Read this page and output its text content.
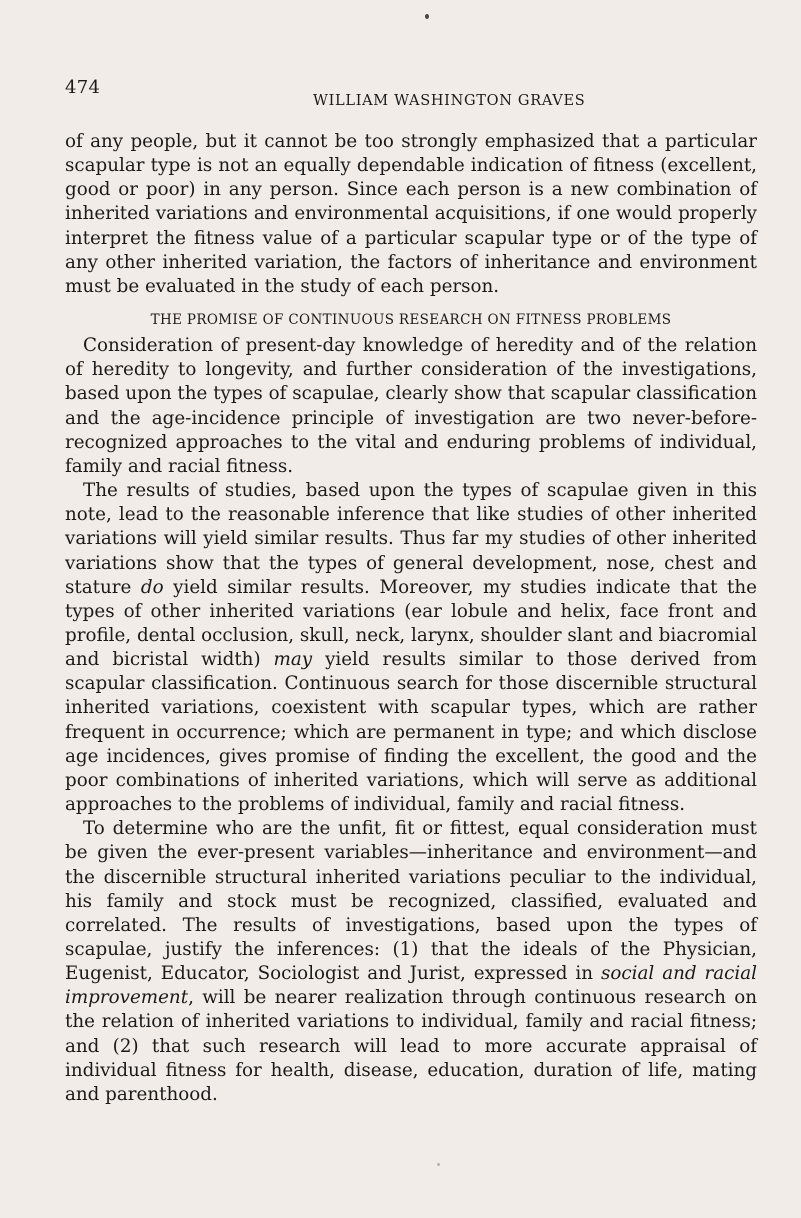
474
WILLIAM WASHINGTON GRAVES

of any people, but it cannot be too strongly emphasized that a particular scapular type is not an equally dependable indication of fitness (excellent, good or poor) in any person. Since each person is a new combination of inherited variations and environmental acquisitions, if one would properly interpret the fitness value of a particular scapular type or of the type of any other inherited variation, the factors of inheritance and environment must be evaluated in the study of each person.

THE PROMISE OF CONTINUOUS RESEARCH ON FITNESS PROBLEMS

Consideration of present-day knowledge of heredity and of the relation of heredity to longevity, and further consideration of the investigations, based upon the types of scapulae, clearly show that scapular classification and the age-incidence principle of investigation are two never-before-recognized approaches to the vital and enduring problems of individual, family and racial fitness.

The results of studies, based upon the types of scapulae given in this note, lead to the reasonable inference that like studies of other inherited variations will yield similar results. Thus far my studies of other inherited variations show that the types of general development, nose, chest and stature do yield similar results. Moreover, my studies indicate that the types of other inherited variations (ear lobule and helix, face front and profile, dental occlusion, skull, neck, larynx, shoulder slant and biacromial and bicristal width) may yield results similar to those derived from scapular classification. Continuous search for those discernible structural inherited variations, coexistent with scapular types, which are rather frequent in occurrence; which are permanent in type; and which disclose age incidences, gives promise of finding the excellent, the good and the poor combinations of inherited variations, which will serve as additional approaches to the problems of individual, family and racial fitness.

To determine who are the unfit, fit or fittest, equal consideration must be given the ever-present variables—inheritance and environment—and the discernible structural inherited variations peculiar to the individual, his family and stock must be recognized, classified, evaluated and correlated. The results of investigations, based upon the types of scapulae, justify the inferences: (1) that the ideals of the Physician, Eugenist, Educator, Sociologist and Jurist, expressed in social and racial improvement, will be nearer realization through continuous research on the relation of inherited variations to individual, family and racial fitness; and (2) that such research will lead to more accurate appraisal of individual fitness for health, disease, education, duration of life, mating and parenthood.
